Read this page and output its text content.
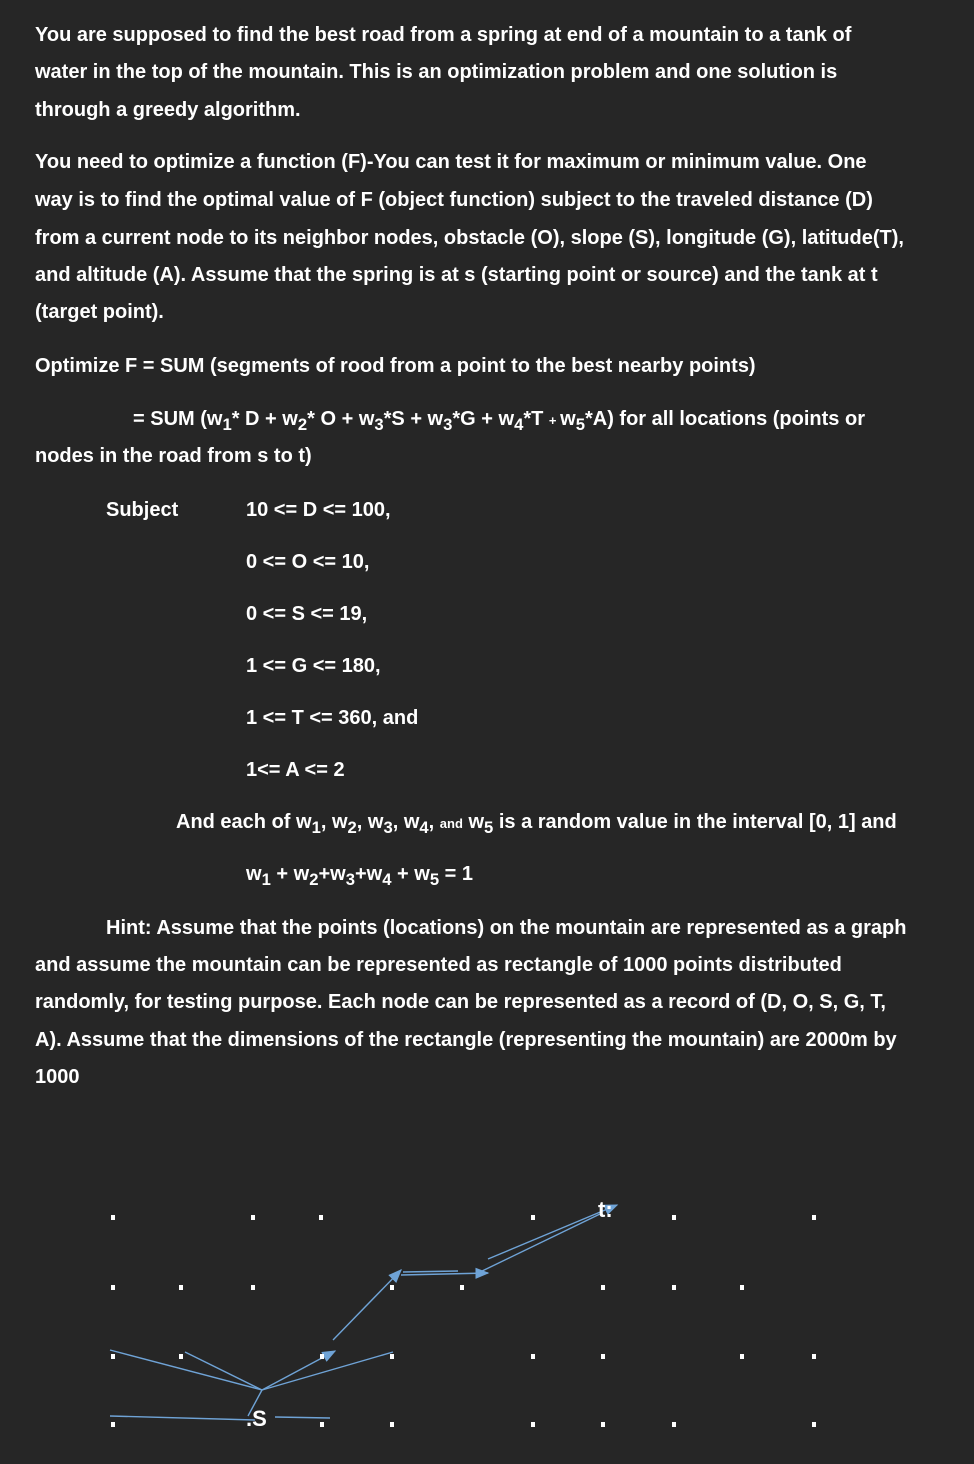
You are supposed to find the best road from a spring at end of a mountain to a tank of
water in the top of the mountain. This is an optimization problem and one solution is
through a greedy algorithm.
You need to optimize a function (F)-You can test it for maximum or minimum value. One
way is to find the optimal value of F (object function) subject to the traveled distance (D)
from a current node to its neighbor nodes, obstacle (O), slope (S), longitude (G), latitude(T),
and altitude (A). Assume that the spring is at s (starting point or source) and the tank at t
(target point).
Optimize F = SUM (segments of rood from a point to the best nearby points)
= SUM ($w_1*$ $D + w_2*$ $O + w_3*S + w_3*G + w_4*T + w_5*A$) for all locations (points or
nodes in the road from s to t)
Subject	10 <= D <= 100,
0 <= O <= 10,
0 <= S <= 19,
1 <= G <= 180,
1 <= T <= 360, and
1<= A <= 2
And each of $w_1$, $w_2$, $w_3$, $w_4$, and $w_5$ is a random value in the interval [0, 1] and
$w_1 + w_2+w_3+w_4 + w_5 = 1$
Hint: Assume that the points (locations) on the mountain are represented as a graph
and assume the mountain can be represented as rectangle of 1000 points distributed
randomly, for testing purpose. Each node can be represented as a record of (D, O, S, G, T,
A). Assume that the dimensions of the rectangle (representing the mountain) are 2000m by
1000
.S
t:
